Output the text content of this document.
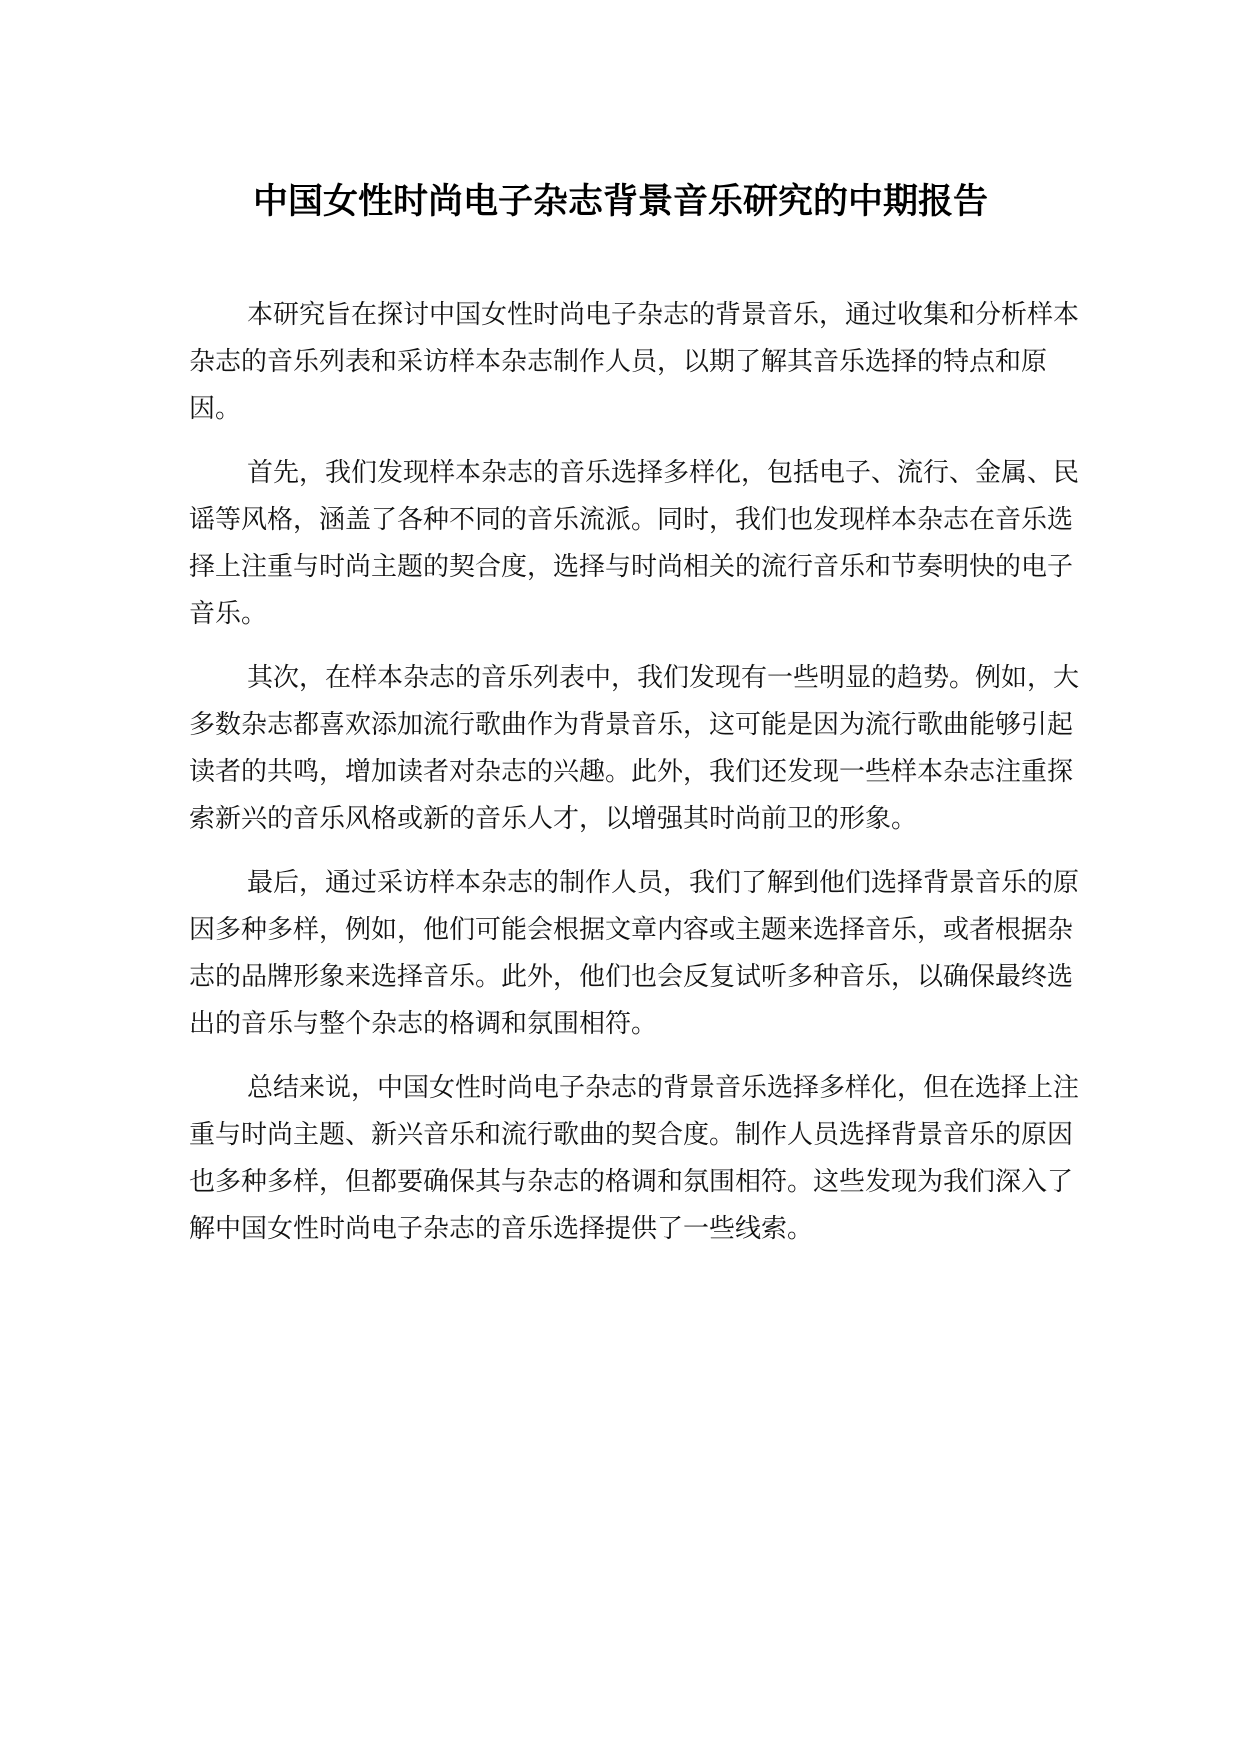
中国女性时尚电子杂志背景音乐研究的中期报告

本研究旨在探讨中国女性时尚电子杂志的背景音乐，通过收集和分析样本杂志的音乐列表和采访样本杂志制作人员，以期了解其音乐选择的特点和原因。

首先，我们发现样本杂志的音乐选择多样化，包括电子、流行、金属、民谣等风格，涵盖了各种不同的音乐流派。同时，我们也发现样本杂志在音乐选择上注重与时尚主题的契合度，选择与时尚相关的流行音乐和节奏明快的电子音乐。

其次，在样本杂志的音乐列表中，我们发现有一些明显的趋势。例如，大多数杂志都喜欢添加流行歌曲作为背景音乐，这可能是因为流行歌曲能够引起读者的共鸣，增加读者对杂志的兴趣。此外，我们还发现一些样本杂志注重探索新兴的音乐风格或新的音乐人才，以增强其时尚前卫的形象。

最后，通过采访样本杂志的制作人员，我们了解到他们选择背景音乐的原因多种多样，例如，他们可能会根据文章内容或主题来选择音乐，或者根据杂志的品牌形象来选择音乐。此外，他们也会反复试听多种音乐，以确保最终选出的音乐与整个杂志的格调和氛围相符。

总结来说，中国女性时尚电子杂志的背景音乐选择多样化，但在选择上注重与时尚主题、新兴音乐和流行歌曲的契合度。制作人员选择背景音乐的原因也多种多样，但都要确保其与杂志的格调和氛围相符。这些发现为我们深入了解中国女性时尚电子杂志的音乐选择提供了一些线索。
